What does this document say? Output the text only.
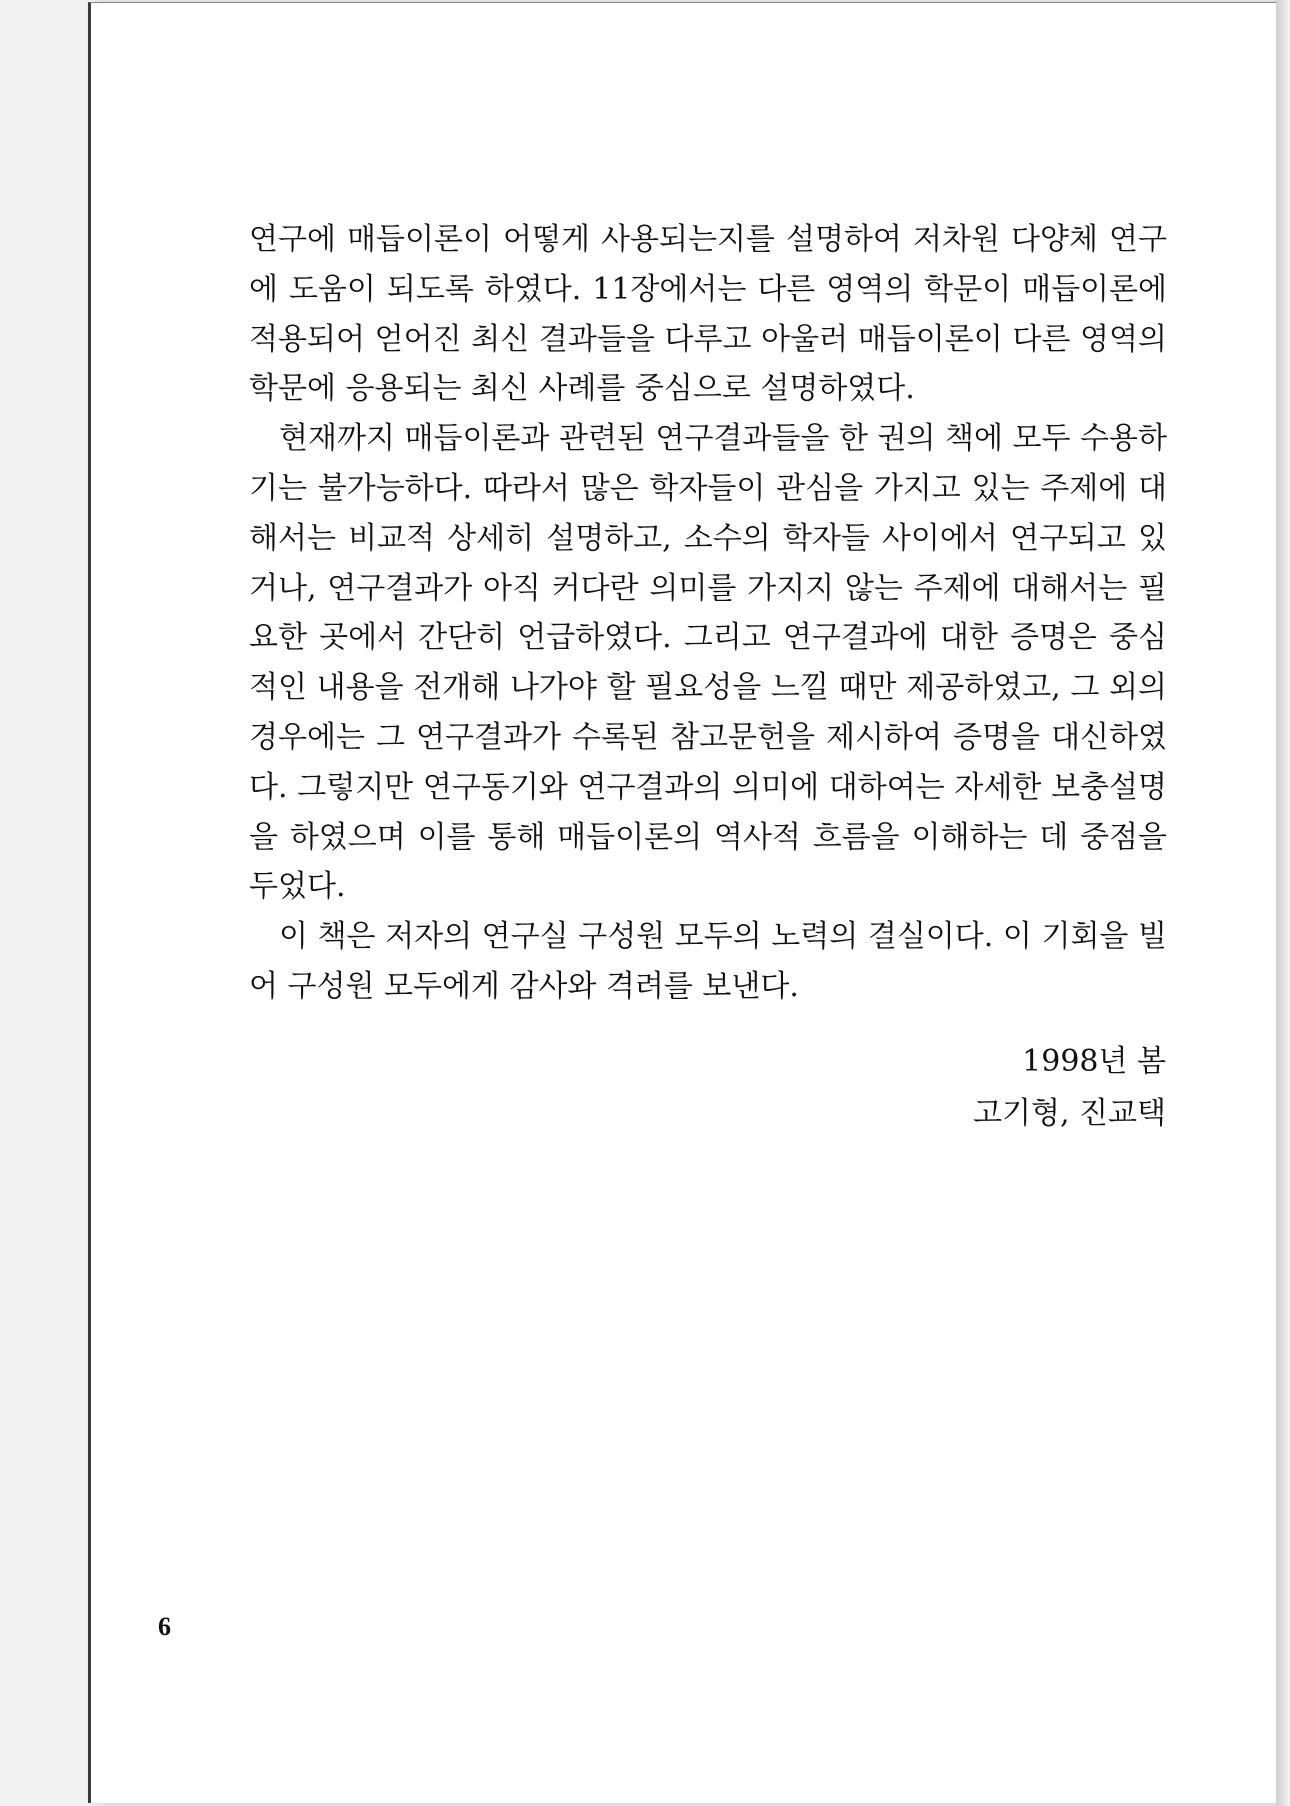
연구에 매듭이론이 어떻게 사용되는지를 설명하여 저차원 다양체 연구에 도움이 되도록 하였다. 11장에서는 다른 영역의 학문이 매듭이론에 적용되어 얻어진 최신 결과들을 다루고 아울러 매듭이론이 다른 영역의 학문에 응용되는 최신 사례를 중심으로 설명하였다.

현재까지 매듭이론과 관련된 연구결과들을 한 권의 책에 모두 수용하기는 불가능하다. 따라서 많은 학자들이 관심을 가지고 있는 주제에 대해서는 비교적 상세히 설명하고, 소수의 학자들 사이에서 연구되고 있거나, 연구결과가 아직 커다란 의미를 가지지 않는 주제에 대해서는 필요한 곳에서 간단히 언급하였다. 그리고 연구결과에 대한 증명은 중심적인 내용을 전개해 나가야 할 필요성을 느낄 때만 제공하였고, 그 외의 경우에는 그 연구결과가 수록된 참고문헌을 제시하여 증명을 대신하였다. 그렇지만 연구동기와 연구결과의 의미에 대하여는 자세한 보충설명을 하였으며 이를 통해 매듭이론의 역사적 흐름을 이해하는 데 중점을 두었다.

이 책은 저자의 연구실 구성원 모두의 노력의 결실이다. 이 기회을 빌어 구성원 모두에게 감사와 격려를 보낸다.

1998년 봄
고기형, 진교택
6
